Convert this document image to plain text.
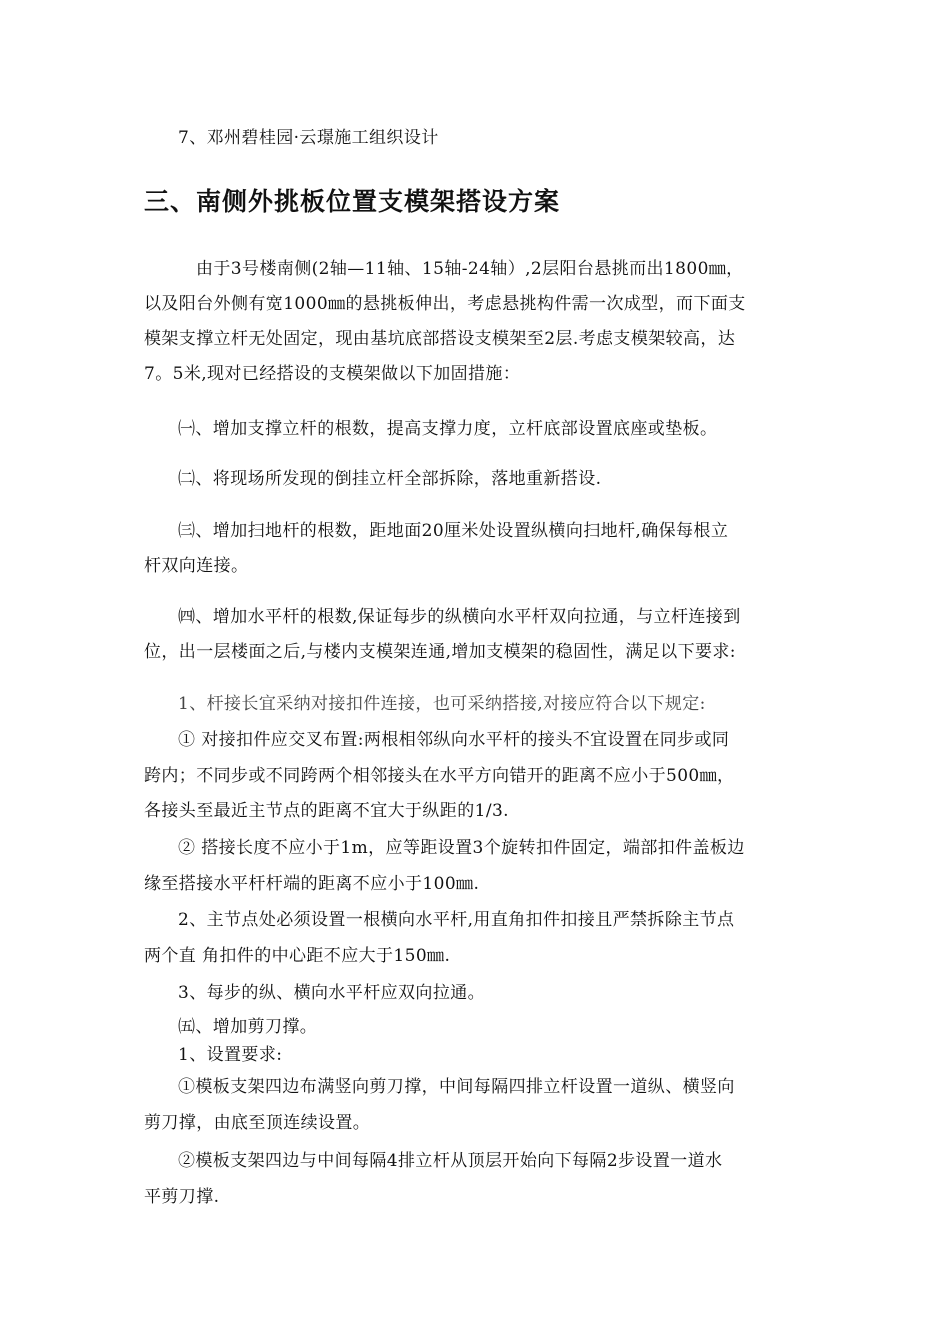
7、邓州碧桂园·云璟施工组织设计
三、南侧外挑板位置支模架搭设方案
由于3号楼南侧(2轴—11轴、15轴-24轴）,2层阳台悬挑而出1800㎜，
以及阳台外侧有宽1000㎜的悬挑板伸出，考虑悬挑构件需一次成型，而下面支
模架支撑立杆无处固定，现由基坑底部搭设支模架至2层.考虑支模架较高，达
7。5米,现对已经搭设的支模架做以下加固措施：
㈠、增加支撑立杆的根数，提高支撑力度，立杆底部设置底座或垫板。
㈡、将现场所发现的倒挂立杆全部拆除，落地重新搭设.
㈢、增加扫地杆的根数，距地面20厘米处设置纵横向扫地杆,确保每根立
杆双向连接。
㈣、增加水平杆的根数,保证每步的纵横向水平杆双向拉通，与立杆连接到
位，出一层楼面之后,与楼内支模架连通,增加支模架的稳固性，满足以下要求:
1、杆接长宜采纳对接扣件连接，也可采纳搭接,对接应符合以下规定:
① 对接扣件应交叉布置:两根相邻纵向水平杆的接头不宜设置在同步或同
跨内；不同步或不同跨两个相邻接头在水平方向错开的距离不应小于500㎜，
各接头至最近主节点的距离不宜大于纵距的1/3.
② 搭接长度不应小于1m，应等距设置3个旋转扣件固定，端部扣件盖板边
缘至搭接水平杆杆端的距离不应小于100㎜.
2、主节点处必须设置一根横向水平杆,用直角扣件扣接且严禁拆除主节点
两个直 角扣件的中心距不应大于150㎜.
3、每步的纵、横向水平杆应双向拉通。
㈤、增加剪刀撑。
1、设置要求:
①模板支架四边布满竖向剪刀撑，中间每隔四排立杆设置一道纵、横竖向
剪刀撑，由底至顶连续设置。
②模板支架四边与中间每隔4排立杆从顶层开始向下每隔2步设置一道水
平剪刀撑.
